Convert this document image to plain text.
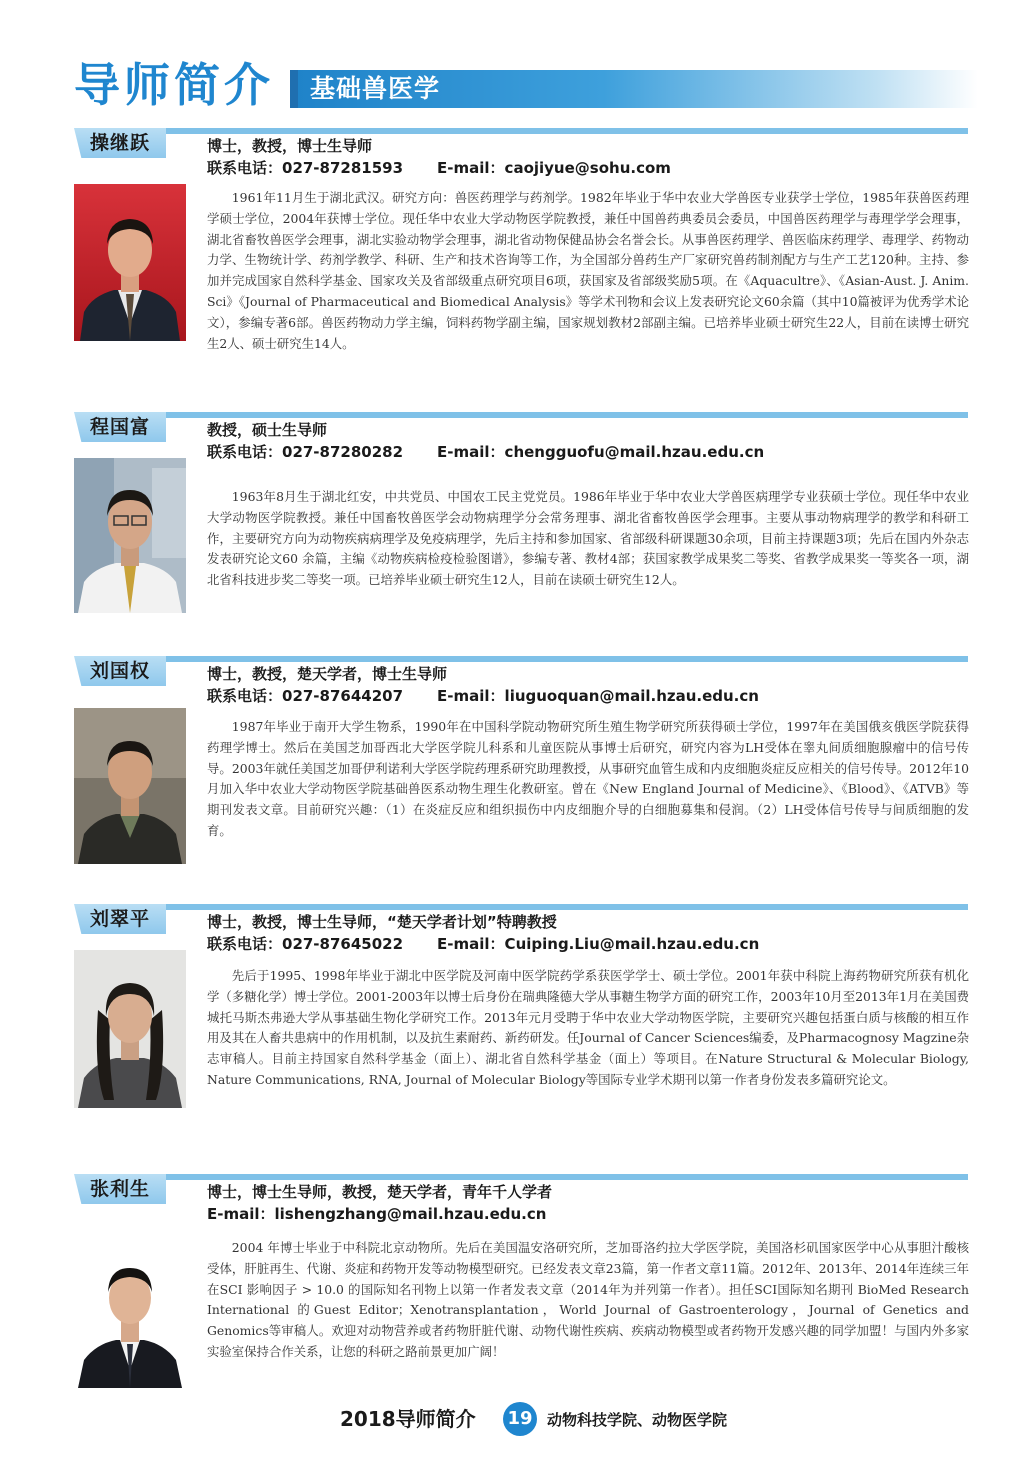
导师简介 基础兽医学
操继跃	博士，教授，博士生导师
联系电话：027-87281593 E-mail：caojiyue@sohu.com
1961年11月生于湖北武汉。研究方向：兽医药理学与药剂学。1982年毕业于华中农业大学兽医专业获学士学位，1985年获兽医药理学硕士学位，2004年获博士学位。现任华中农业大学动物医学院教授，兼任中国兽药典委员会委员，中国兽医药理学与毒理学学会理事，湖北省畜牧兽医学会理事，湖北实验动物学会理事，湖北省动物保健品协会名誉会长。从事兽医药理学、兽医临床药理学、毒理学、药物动力学、生物统计学、药剂学教学、科研、生产和技术咨询等工作，为全国部分兽药生产厂家研究兽药制剂配方与生产工艺120种。主持、参加并完成国家自然科学基金、国家攻关及省部级重点研究项目6项，获国家及省部级奖励5项。在《Aquacultre》、《Asian-Aust. J. Anim. Sci》《Journal of Pharmaceutical and Biomedical Analysis》等学术刊物和会议上发表研究论文60余篇（其中10篇被评为优秀学术论文），参编专著6部。兽医药物动力学主编，饲料药物学副主编，国家规划教材2部副主编。已培养毕业硕士研究生22人，目前在读博士研究生2人、硕士研究生14人。
程国富	教授，硕士生导师
联系电话：027-87280282 E-mail：chengguofu@mail.hzau.edu.cn
1963年8月生于湖北红安，中共党员、中国农工民主党党员。1986年毕业于华中农业大学兽医病理学专业获硕士学位。现任华中农业大学动物医学院教授。兼任中国畜牧兽医学会动物病理学分会常务理事、湖北省畜牧兽医学会理事。主要从事动物病理学的教学和科研工作，主要研究方向为动物疾病病理学及免疫病理学，先后主持和参加国家、省部级科研课题30余项，目前主持课题3项；先后在国内外杂志发表研究论文60 余篇，主编《动物疾病检疫检验图谱》，参编专著、教材4部；获国家教学成果奖二等奖、省教学成果奖一等奖各一项，湖北省科技进步奖二等奖一项。已培养毕业硕士研究生12人，目前在读硕士研究生12人。
刘国权	博士，教授，楚天学者，博士生导师
联系电话：027-87644207 E-mail：liuguoquan@mail.hzau.edu.cn
1987年毕业于南开大学生物系，1990年在中国科学院动物研究所生殖生物学研究所获得硕士学位，1997年在美国俄亥俄医学院获得药理学博士。然后在美国芝加哥西北大学医学院儿科系和儿童医院从事博士后研究，研究内容为LH受体在睾丸间质细胞腺瘤中的信号传导。2003年就任美国芝加哥伊利诺利大学医学院药理系研究助理教授，从事研究血管生成和内皮细胞炎症反应相关的信号传导。2012年10月加入华中农业大学动物医学院基础兽医系动物生理生化教研室。曾在《New England Journal of Medicine》、《Blood》、《ATVB》等期刊发表文章。目前研究兴趣：（1）在炎症反应和组织损伤中内皮细胞介导的白细胞募集和侵润。（2）LH受体信号传导与间质细胞的发育。
刘翠平	博士，教授，博士生导师，“楚天学者计划”特聘教授
联系电话：027-87645022 E-mail：Cuiping.Liu@mail.hzau.edu.cn
先后于1995、1998年毕业于湖北中医学院及河南中医学院药学系获医学学士、硕士学位。2001年获中科院上海药物研究所获有机化学（多糖化学）博士学位。2001-2003年以博士后身份在瑞典隆德大学从事糖生物学方面的研究工作，2003年10月至2013年1月在美国费城托马斯杰弗逊大学从事基础生物化学研究工作。2013年元月受聘于华中农业大学动物医学院，主要研究兴趣包括蛋白质与核酸的相互作用及其在人畜共患病中的作用机制，以及抗生素耐药、新药研发。任Journal of Cancer Sciences编委，及Pharmacognosy Magzine杂志审稿人。目前主持国家自然科学基金（面上）、湖北省自然科学基金（面上）等项目。在Nature Structural & Molecular Biology, Nature Communications, RNA, Journal of Molecular Biology等国际专业学术期刊以第一作者身份发表多篇研究论文。
张利生	博士，博士生导师，教授，楚天学者，青年千人学者
E-mail：lishengzhang@mail.hzau.edu.cn
2004 年博士毕业于中科院北京动物所。先后在美国温安洛研究所，芝加哥洛约拉大学医学院，美国洛杉矶国家医学中心从事胆汁酸核受体，肝脏再生、代谢、炎症和药物开发等动物模型研究。已经发表文章23篇，第一作者文章11篇。2012年、2013年、2014年连续三年在SCI 影响因子 > 10.0 的国际知名刊物上以第一作者发表文章（2014年为并列第一作者）。担任SCI国际知名期刊 BioMed Research International 的Guest Editor；Xenotransplantation，World Journal of Gastroenterology，Journal of Genetics and Genomics等审稿人。欢迎对动物营养或者药物肝脏代谢、动物代谢性疾病、疾病动物模型或者药物开发感兴趣的同学加盟！与国内外多家实验室保持合作关系，让您的科研之路前景更加广阔！
2018导师简介 19 动物科技学院、动物医学院
